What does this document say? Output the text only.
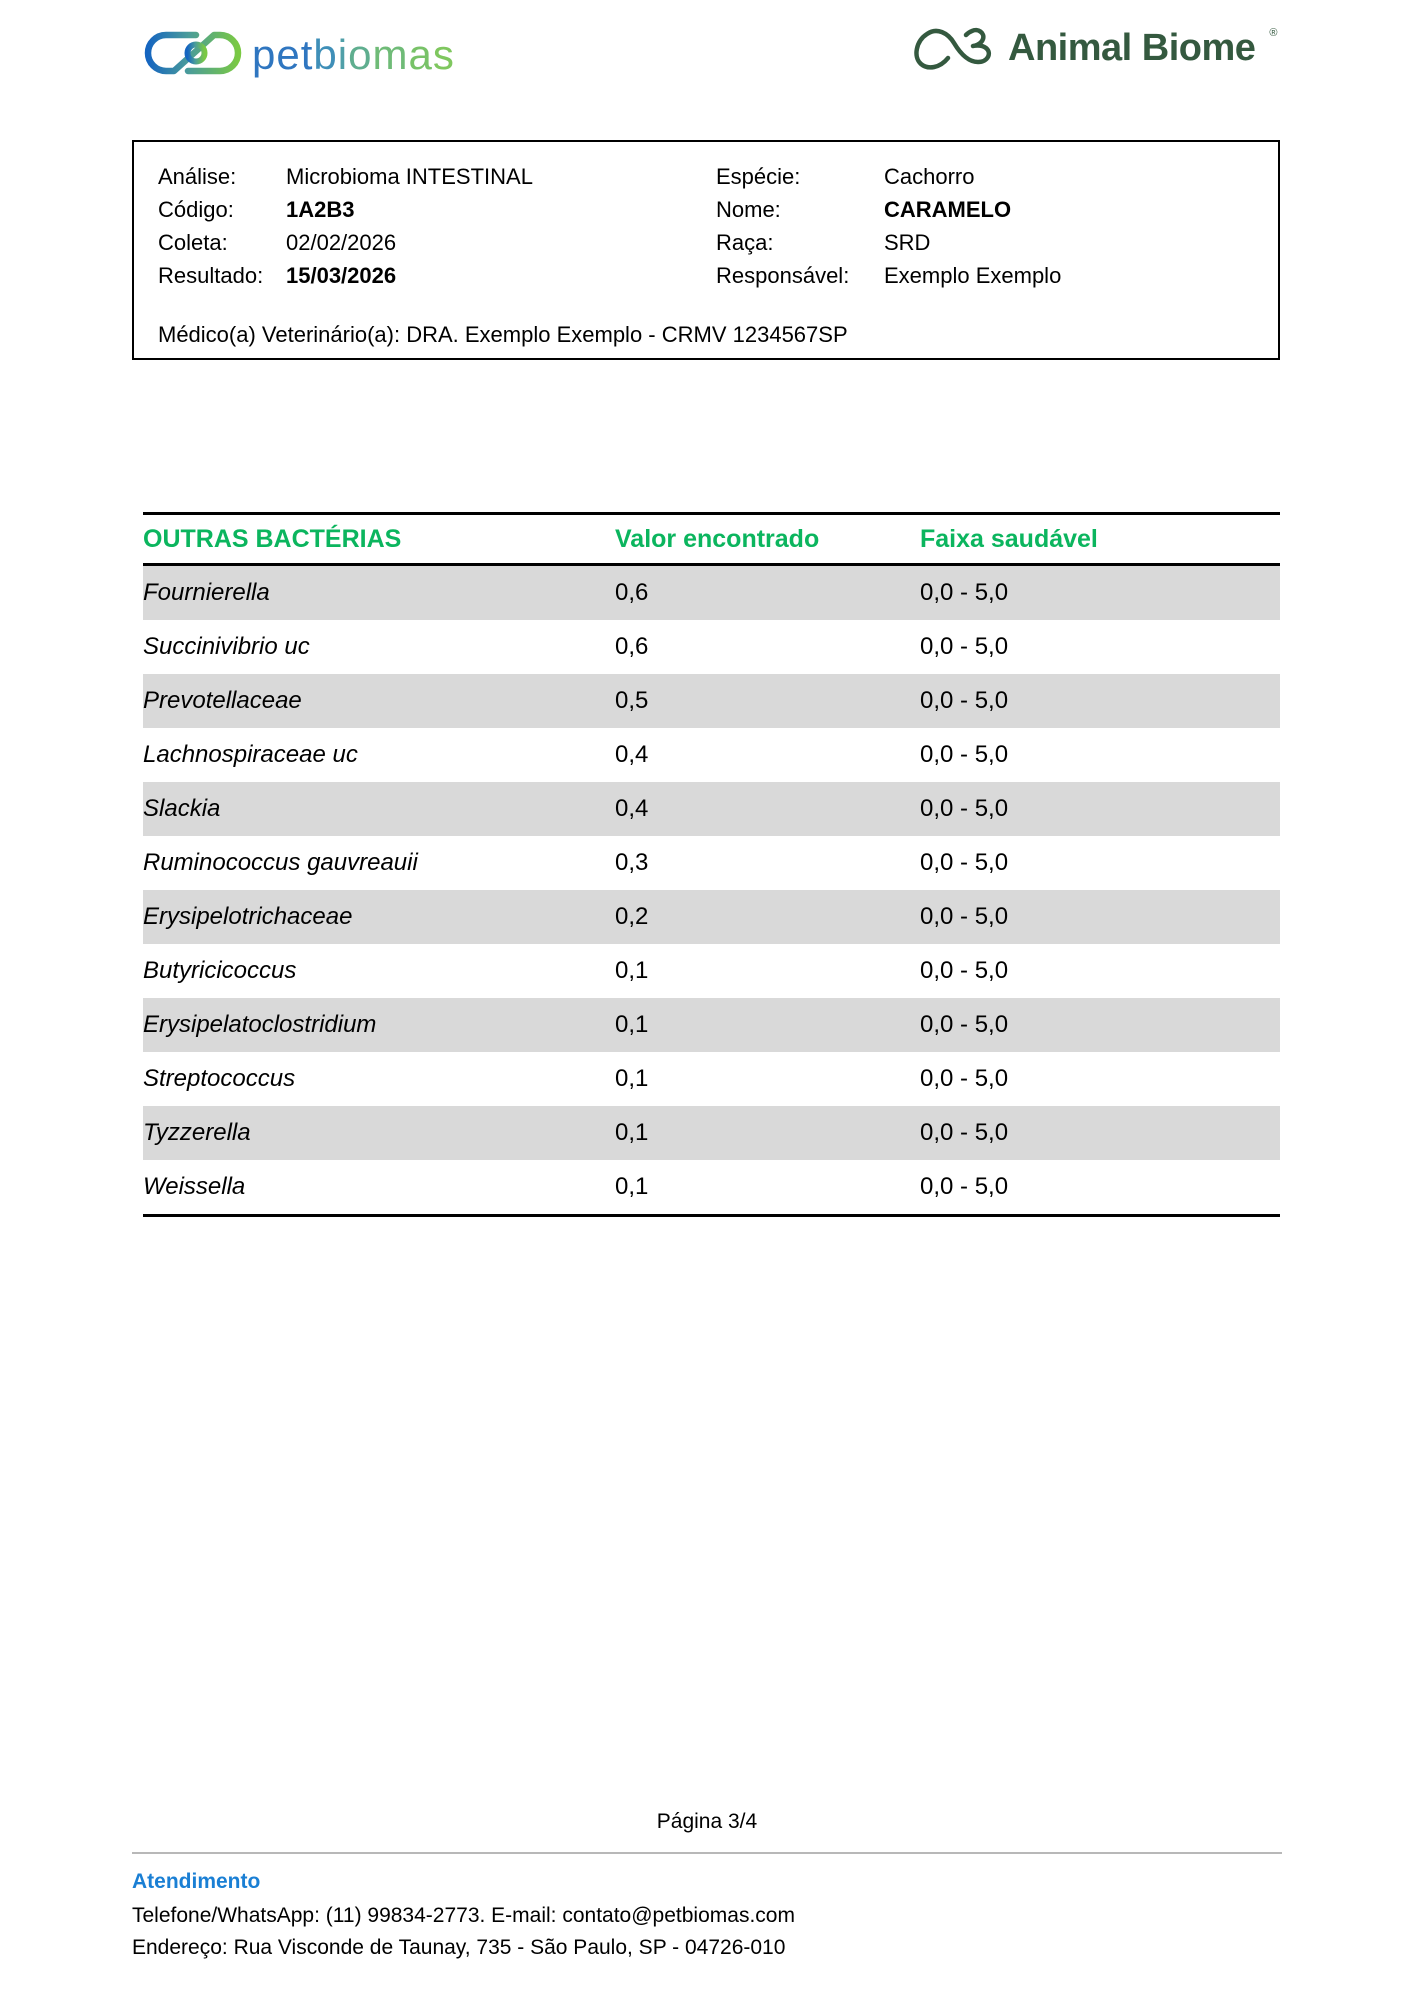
petbiomas	Animal Biome ®
Análise:	Microbioma INTESTINAL	Espécie:	Cachorro
Código:	1A2B3	Nome:	CARAMELO
Coleta:	02/02/2026	Raça:	SRD
Resultado:	15/03/2026	Responsável:	Exemplo Exemplo
Médico(a) Veterinário(a): DRA. Exemplo Exemplo - CRMV 1234567SP
OUTRAS BACTÉRIAS	Valor encontrado	Faixa saudável
Fournierella	0,6	0,0 - 5,0
Succinivibrio uc	0,6	0,0 - 5,0
Prevotellaceae	0,5	0,0 - 5,0
Lachnospiraceae uc	0,4	0,0 - 5,0
Slackia	0,4	0,0 - 5,0
Ruminococcus gauvreauii	0,3	0,0 - 5,0
Erysipelotrichaceae	0,2	0,0 - 5,0
Butyricicoccus	0,1	0,0 - 5,0
Erysipelatoclostridium	0,1	0,0 - 5,0
Streptococcus	0,1	0,0 - 5,0
Tyzzerella	0,1	0,0 - 5,0
Weissella	0,1	0,0 - 5,0
Página 3/4
Atendimento
Telefone/WhatsApp: (11) 99834-2773. E-mail: contato@petbiomas.com
Endereço: Rua Visconde de Taunay, 735 - São Paulo, SP - 04726-010
